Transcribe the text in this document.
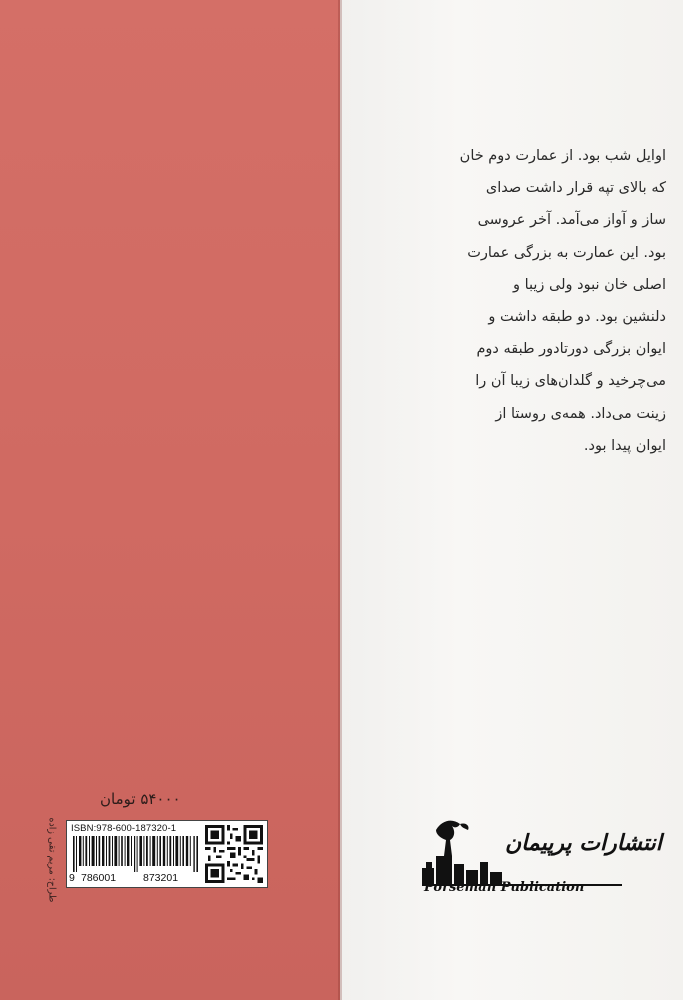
اوایل شب بود. از عمارت دوم خان
که بالای تپه قرار داشت صدای
ساز و آواز می‌آمد. آخر عروسی
بود. این عمارت به بزرگی عمارت
اصلی خان نبود ولی زیبا و
دلنشین بود. دو طبقه داشت و
ایوان بزرگی دورتادور طبقه دوم
می‌چرخید و گلدان‌های زیبا آن را
زینت می‌داد. همه‌ی روستا از
ایوان پیدا بود.
۵۴۰۰۰ تومان
طراح: مریم تقی زاده ISBN:978-600-187320-1
9 786001	873201
انتشارات پرپیمان
Porseman Publication
